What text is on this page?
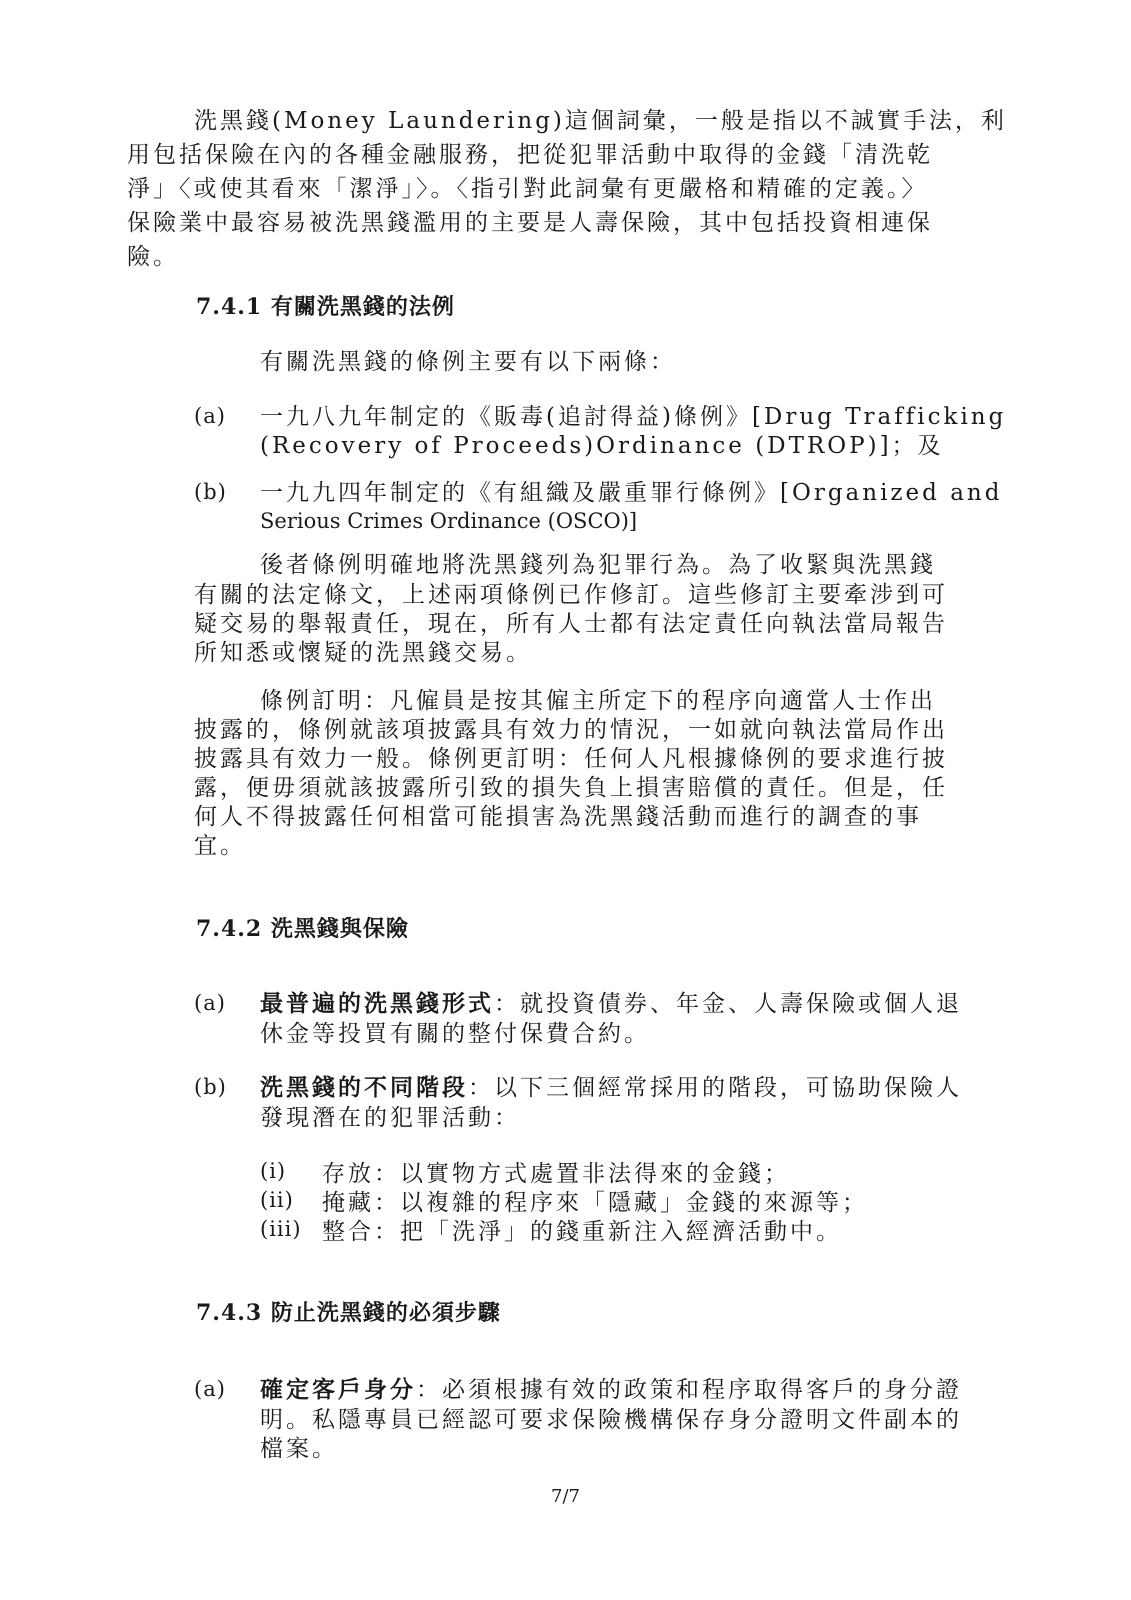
洗黑錢(Money Laundering)這個詞彙，一般是指以不誠實手法，利
用包括保險在內的各種金融服務，把從犯罪活動中取得的金錢「清洗乾
淨」〈或使其看來「潔淨」〉。〈指引對此詞彙有更嚴格和精確的定義。〉
保險業中最容易被洗黑錢濫用的主要是人壽保險，其中包括投資相連保
險。
7.4.1 有關洗黑錢的法例
有關洗黑錢的條例主要有以下兩條：
(a) 一九八九年制定的《販毒(追討得益)條例》[Drug Trafficking
(Recovery of Proceeds)Ordinance (DTROP)]；及
(b) 一九九四年制定的《有組織及嚴重罪行條例》[Organized and
Serious Crimes Ordinance (OSCO)]
後者條例明確地將洗黑錢列為犯罪行為。為了收緊與洗黑錢
有關的法定條文，上述兩項條例已作修訂。這些修訂主要牽涉到可
疑交易的舉報責任，現在，所有人士都有法定責任向執法當局報告
所知悉或懷疑的洗黑錢交易。
條例訂明：凡僱員是按其僱主所定下的程序向適當人士作出
披露的，條例就該項披露具有效力的情況，一如就向執法當局作出
披露具有效力一般。條例更訂明：任何人凡根據條例的要求進行披
露，便毋須就該披露所引致的損失負上損害賠償的責任。但是，任
何人不得披露任何相當可能損害為洗黑錢活動而進行的調查的事
宜。
7.4.2 洗黑錢與保險
(a) 最普遍的洗黑錢形式：就投資債券、年金、人壽保險或個人退
休金等投買有關的整付保費合約。
(b) 洗黑錢的不同階段：以下三個經常採用的階段，可協助保險人
發現潛在的犯罪活動：
(i) 存放：以實物方式處置非法得來的金錢；
(ii) 掩藏：以複雜的程序來「隱藏」金錢的來源等；
(iii) 整合：把「洗淨」的錢重新注入經濟活動中。
7.4.3 防止洗黑錢的必須步驟
(a) 確定客戶身分：必須根據有效的政策和程序取得客戶的身分證
明。私隱專員已經認可要求保險機構保存身分證明文件副本的
檔案。
7/7
